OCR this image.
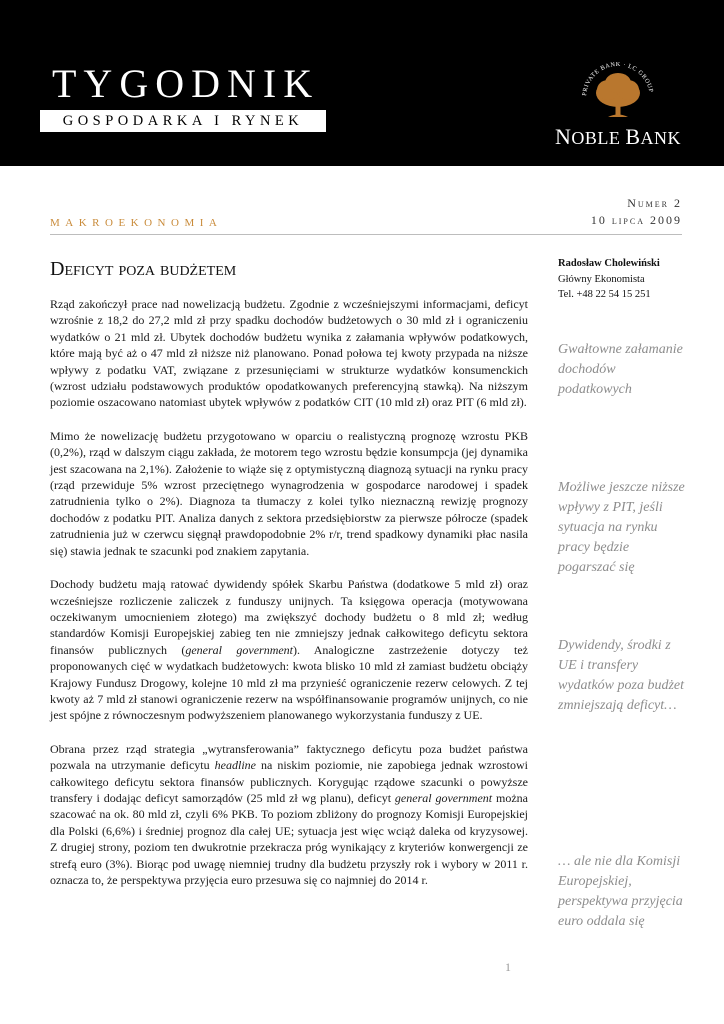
TYGODNIK
GOSPODARKA I RYNEK
PRIVATE BANK · LC GROUP
NOBLE BANK
Numer 2
10 lipca 2009
MAKROEKONOMIA
Deficyt poza budżetem	Radosław Cholewiński
Główny Ekonomista
Tel. +48 22 54 15 251

Rząd zakończył prace nad nowelizacją budżetu. Zgodnie z wcześniejszymi informacjami, deficyt wzrośnie z 18,2 do 27,2 mld zł przy spadku dochodów budżetowych o 30 mld zł i ograniczeniu wydatków o 21 mld zł. Ubytek dochodów budżetu wynika z załamania wpływów podatkowych, które mają być aż o 47 mld zł niższe niż planowano. Ponad połowa tej kwoty przypada na niższe wpływy z podatku VAT, związane z przesunięciami w strukturze wydatków konsumenckich (wzrost udziału podstawowych produktów opodatkowanych preferencyjną stawką). Na niższym poziomie oszacowano natomiast ubytek wpływów z podatków CIT (10 mld zł) oraz PIT (6 mld zł).

Mimo że nowelizację budżetu przygotowano w oparciu o realistyczną prognozę wzrostu PKB (0,2%), rząd w dalszym ciągu zakłada, że motorem tego wzrostu będzie konsumpcja (jej dynamika jest szacowana na 2,1%). Założenie to wiąże się z optymistyczną diagnozą sytuacji na rynku pracy (rząd przewiduje 5% wzrost przeciętnego wynagrodzenia w gospodarce narodowej i spadek zatrudnienia tylko o 2%). Diagnoza ta tłumaczy z kolei tylko nieznaczną rewizję prognozy dochodów z podatku PIT. Analiza danych z sektora przedsiębiorstw za pierwsze półrocze (spadek zatrudnienia już w czerwcu sięgnął prawdopodobnie 2% r/r, trend spadkowy dynamiki płac nasila się) stawia jednak te szacunki pod znakiem zapytania.

Dochody budżetu mają ratować dywidendy spółek Skarbu Państwa (dodatkowe 5 mld zł) oraz wcześniejsze rozliczenie zaliczek z funduszy unijnych. Ta księgowa operacja (motywowana oczekiwanym umocnieniem złotego) ma zwiększyć dochody budżetu o 8 mld zł; według standardów Komisji Europejskiej zabieg ten nie zmniejszy jednak całkowitego deficytu sektora finansów publicznych (general government). Analogiczne zastrzeżenie dotyczy też proponowanych cięć w wydatkach budżetowych: kwota blisko 10 mld zł zamiast budżetu obciąży Krajowy Fundusz Drogowy, kolejne 10 mld zł ma przynieść ograniczenie rezerw celowych. Z tej kwoty aż 7 mld zł stanowi ograniczenie rezerw na współfinansowanie programów unijnych, co nie jest spójne z równoczesnym podwyższeniem planowanego wykorzystania funduszy z UE.

Obrana przez rząd strategia „wytransferowania” faktycznego deficytu poza budżet państwa pozwala na utrzymanie deficytu headline na niskim poziomie, nie zapobiega jednak wzrostowi całkowitego deficytu sektora finansów publicznych. Korygując rządowe szacunki o powyższe transfery i dodając deficyt samorządów (25 mld zł wg planu), deficyt general government można szacować na ok. 80 mld zł, czyli 6% PKB. To poziom zbliżony do prognozy Komisji Europejskiej dla Polski (6,6%) i średniej prognoz dla całej UE; sytuacja jest więc wciąż daleka od kryzysowej. Z drugiej strony, poziom ten dwukrotnie przekracza próg wynikający z kryteriów konwergencji ze strefą euro (3%). Biorąc pod uwagę niemniej trudny dla budżetu przyszły rok i wybory w 2011 r. oznacza to, że perspektywa przyjęcia euro przesuwa się co najmniej do 2014 r.

Gwałtowne załamanie dochodów podatkowych
Możliwe jeszcze niższe wpływy z PIT, jeśli sytuacja na rynku pracy będzie pogarszać się
Dywidendy, środki z UE i transfery wydatków poza budżet zmniejszają deficyt…
… ale nie dla Komisji Europejskiej, perspektywa przyjęcia euro oddala się
1
